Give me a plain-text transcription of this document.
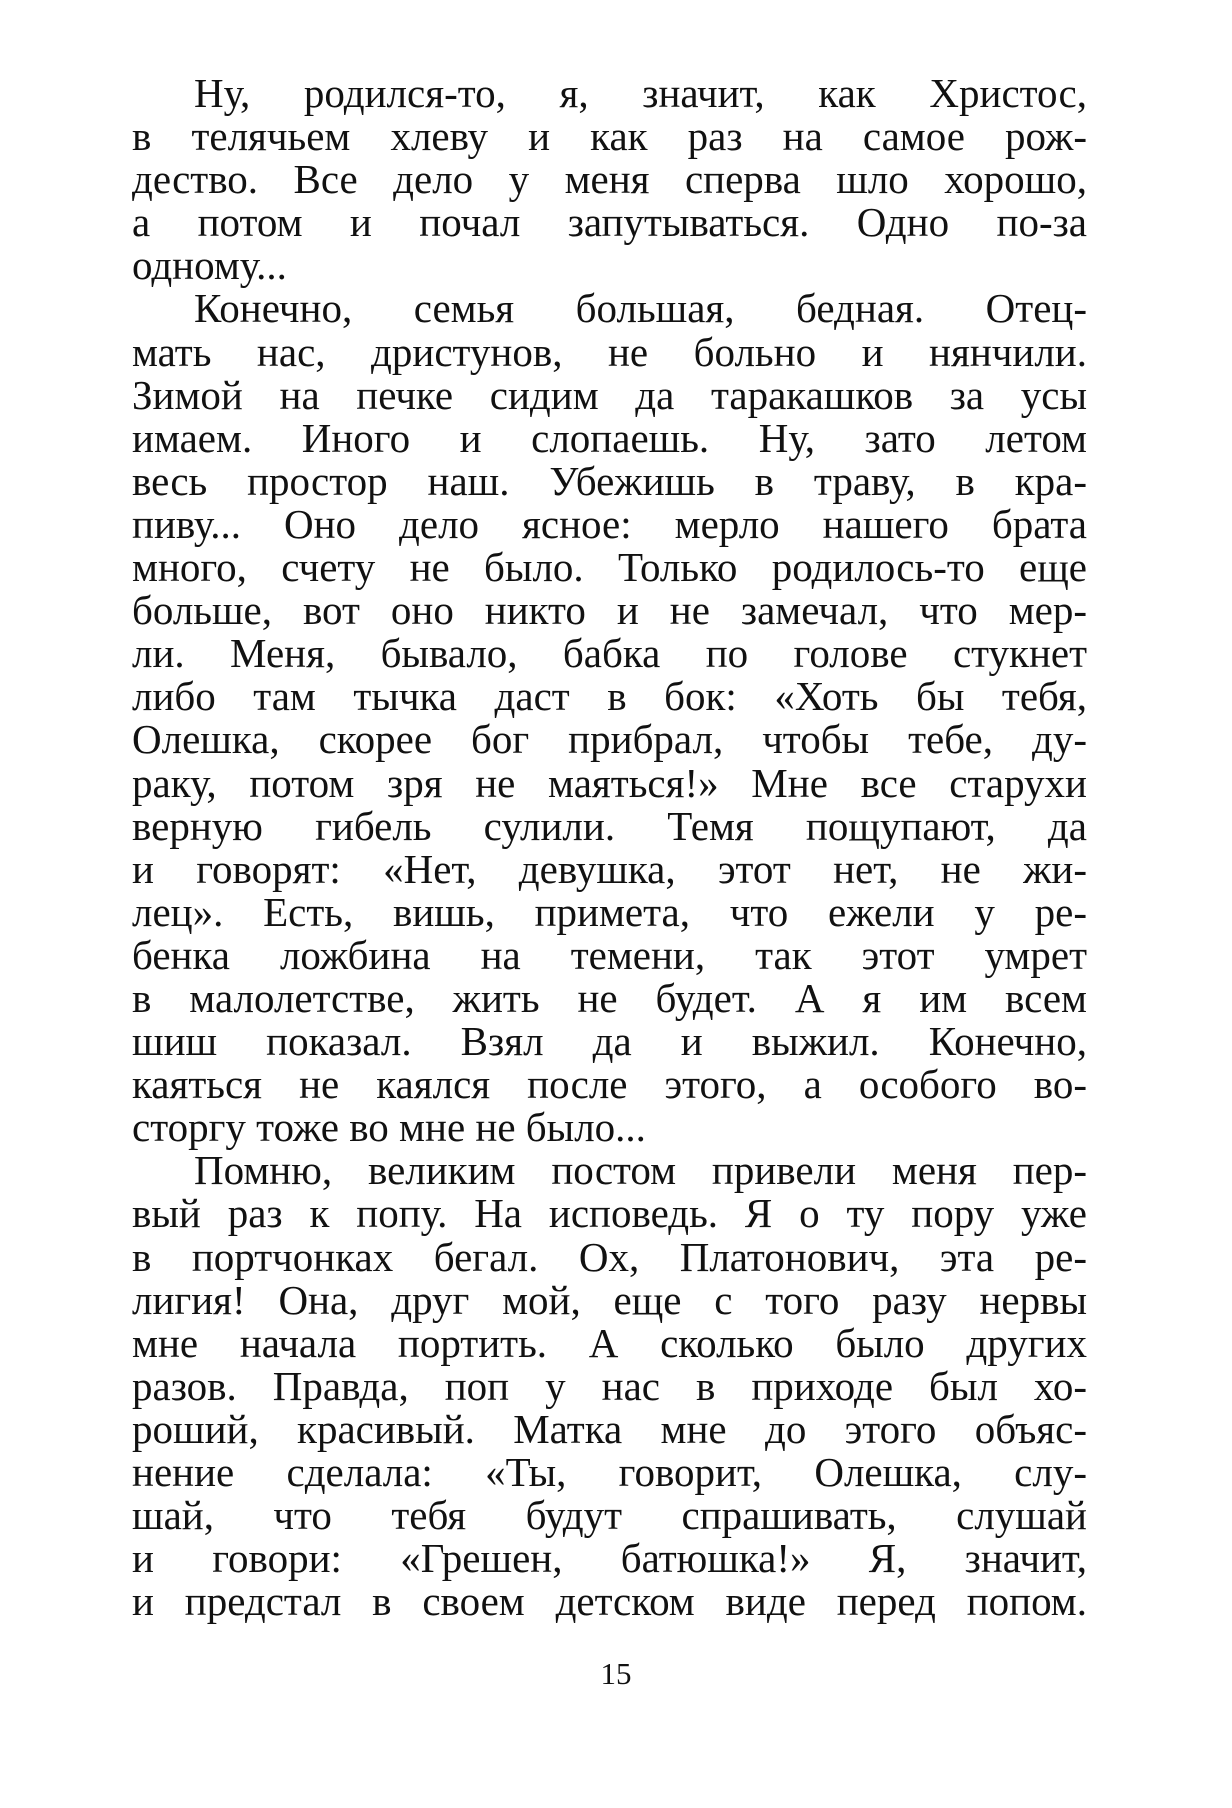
Ну, родился-то, я, значит, как Христос,
в телячьем хлеву и как раз на самое рож-
дество. Все дело у меня сперва шло хорошо,
а потом и почал запутываться. Одно по-за
одному...
Конечно, семья большая, бедная. Отец-
мать нас, дристунов, не больно и нянчили.
Зимой на печке сидим да таракашков за усы
имаем. Иного и слопаешь. Ну, зато летом
весь простор наш. Убежишь в траву, в кра-
пиву... Оно дело ясное: мерло нашего брата
много, счету не было. Только родилось-то еще
больше, вот оно никто и не замечал, что мер-
ли. Меня, бывало, бабка по голове стукнет
либо там тычка даст в бок: «Хоть бы тебя,
Олешка, скорее бог прибрал, чтобы тебе, ду-
раку, потом зря не маяться!» Мне все старухи
верную гибель сулили. Темя пощупают, да
и говорят: «Нет, девушка, этот нет, не жи-
лец». Есть, вишь, примета, что ежели у ре-
бенка ложбина на темени, так этот умрет
в малолетстве, жить не будет. А я им всем
шиш показал. Взял да и выжил. Конечно,
каяться не каялся после этого, а особого во-
сторгу тоже во мне не было...
Помню, великим постом привели меня пер-
вый раз к попу. На исповедь. Я о ту пору уже
в портчонках бегал. Ох, Платонович, эта ре-
лигия! Она, друг мой, еще с того разу нервы
мне начала портить. А сколько было других
разов. Правда, поп у нас в приходе был хо-
роший, красивый. Матка мне до этого объяс-
нение сделала: «Ты, говорит, Олешка, слу-
шай, что тебя будут спрашивать, слушай
и говори: «Грешен, батюшка!» Я, значит,
и предстал в своем детском виде перед попом.
15
